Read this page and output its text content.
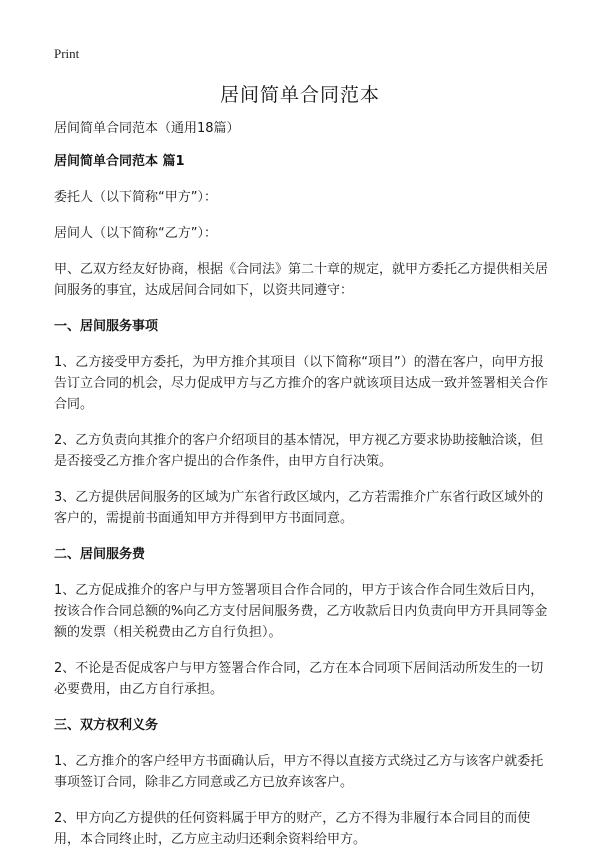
Print
居间简单合同范本

居间简单合同范本（通用18篇）

居间简单合同范本 篇1

委托人（以下简称“甲方”）：

居间人（以下简称“乙方”）：

甲、乙双方经友好协商，根据《合同法》第二十章的规定，就甲方委托乙方提供相关居间服务的事宜，达成居间合同如下，以资共同遵守：

一、居间服务事项

1、乙方接受甲方委托，为甲方推介其项目（以下简称“项目”）的潜在客户，向甲方报告订立合同的机会，尽力促成甲方与乙方推介的客户就该项目达成一致并签署相关合作合同。

2、乙方负责向其推介的客户介绍项目的基本情况，甲方视乙方要求协助接触洽谈，但是否接受乙方推介客户提出的合作条件，由甲方自行决策。

3、乙方提供居间服务的区域为广东省行政区域内，乙方若需推介广东省行政区域外的客户的，需提前书面通知甲方并得到甲方书面同意。

二、居间服务费

1、乙方促成推介的客户与甲方签署项目合作合同的，甲方于该合作合同生效后日内，按该合作合同总额的%向乙方支付居间服务费，乙方收款后日内负责向甲方开具同等金额的发票（相关税费由乙方自行负担）。

2、不论是否促成客户与甲方签署合作合同，乙方在本合同项下居间活动所发生的一切必要费用，由乙方自行承担。

三、双方权利义务

1、乙方推介的客户经甲方书面确认后，甲方不得以直接方式绕过乙方与该客户就委托事项签订合同，除非乙方同意或乙方已放弃该客户。

2、甲方向乙方提供的任何资料属于甲方的财产，乙方不得为非履行本合同目的而使用，本合同终止时，乙方应主动归还剩余资料给甲方。
